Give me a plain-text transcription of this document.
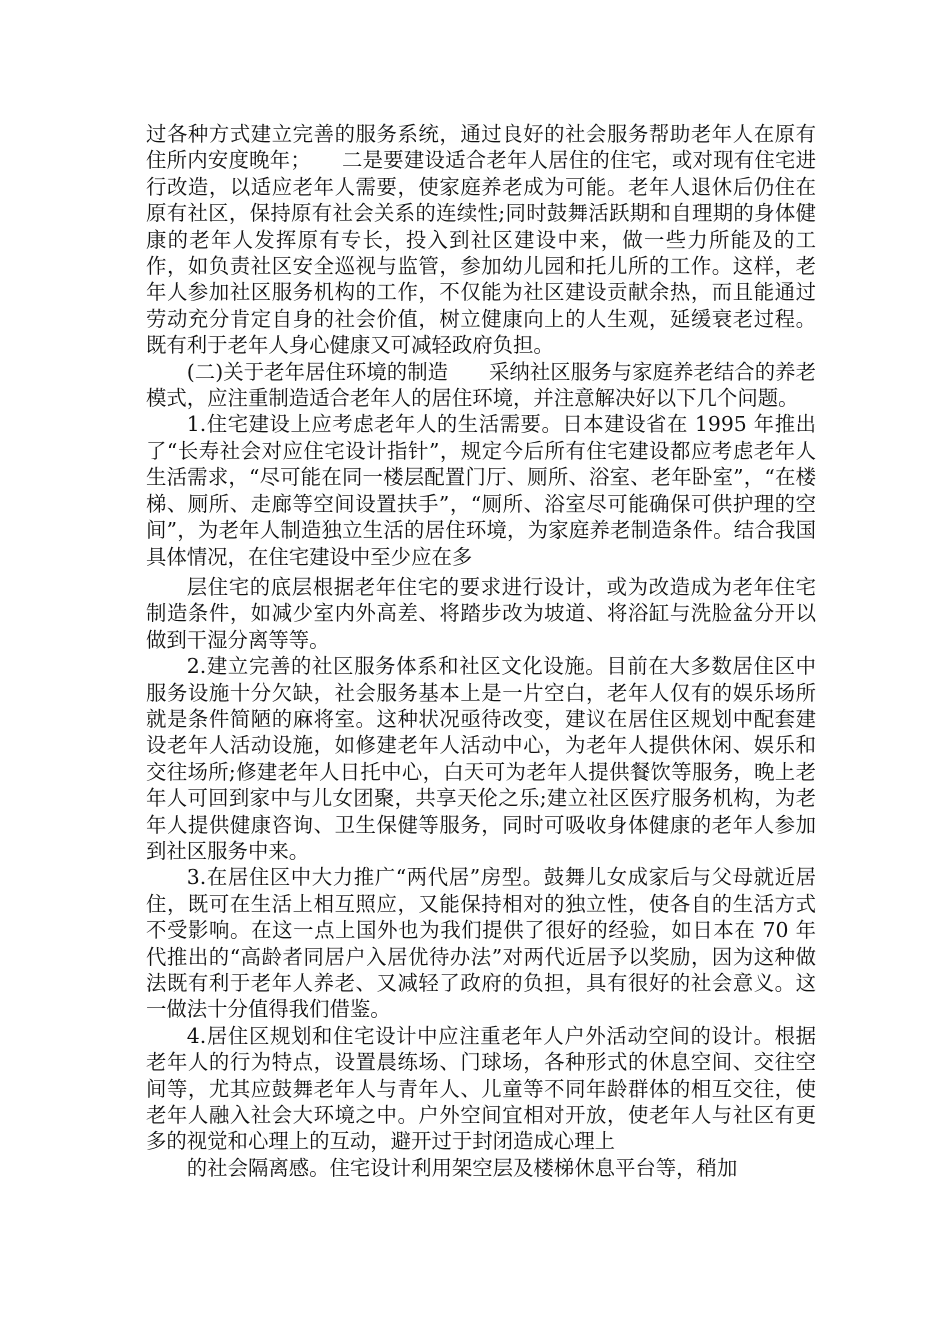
过各种方式建立完善的服务系统，通过良好的社会服务帮助老年人在原有住所内安度晚年；　　二是要建设适合老年人居住的住宅，或对现有住宅进行改造，以适应老年人需要，使家庭养老成为可能。老年人退休后仍住在原有社区，保持原有社会关系的连续性;同时鼓舞活跃期和自理期的身体健康的老年人发挥原有专长，投入到社区建设中来，做一些力所能及的工作，如负责社区安全巡视与监管，参加幼儿园和托儿所的工作。这样，老年人参加社区服务机构的工作，不仅能为社区建设贡献余热，而且能通过劳动充分肯定自身的社会价值，树立健康向上的人生观，延缓衰老过程。既有利于老年人身心健康又可减轻政府负担。

(二)关于老年居住环境的制造　　采纳社区服务与家庭养老结合的养老模式，应注重制造适合老年人的居住环境，并注意解决好以下几个问题。

1.住宅建设上应考虑老年人的生活需要。日本建设省在 1995 年推出了“长寿社会对应住宅设计指针”，规定今后所有住宅建设都应考虑老年人生活需求，“尽可能在同一楼层配置门厅、厕所、浴室、老年卧室”，“在楼梯、厕所、走廊等空间设置扶手”，“厕所、浴室尽可能确保可供护理的空间”，为老年人制造独立生活的居住环境，为家庭养老制造条件。结合我国具体情况，在住宅建设中至少应在多

层住宅的底层根据老年住宅的要求进行设计，或为改造成为老年住宅制造条件，如减少室内外高差、将踏步改为坡道、将浴缸与洗脸盆分开以做到干湿分离等等。

2.建立完善的社区服务体系和社区文化设施。目前在大多数居住区中服务设施十分欠缺，社会服务基本上是一片空白，老年人仅有的娱乐场所就是条件简陋的麻将室。这种状况亟待改变，建议在居住区规划中配套建设老年人活动设施，如修建老年人活动中心，为老年人提供休闲、娱乐和交往场所;修建老年人日托中心，白天可为老年人提供餐饮等服务，晚上老年人可回到家中与儿女团聚，共享天伦之乐;建立社区医疗服务机构，为老年人提供健康咨询、卫生保健等服务，同时可吸收身体健康的老年人参加到社区服务中来。

3.在居住区中大力推广“两代居”房型。鼓舞儿女成家后与父母就近居住，既可在生活上相互照应，又能保持相对的独立性，使各自的生活方式不受影响。在这一点上国外也为我们提供了很好的经验，如日本在 70 年代推出的“高龄者同居户入居优待办法”对两代近居予以奖励，因为这种做法既有利于老年人养老、又减轻了政府的负担，具有很好的社会意义。这一做法十分值得我们借鉴。

4.居住区规划和住宅设计中应注重老年人户外活动空间的设计。根据老年人的行为特点，设置晨练场、门球场，各种形式的休息空间、交往空间等，尤其应鼓舞老年人与青年人、儿童等不同年龄群体的相互交往，使老年人融入社会大环境之中。户外空间宜相对开放，使老年人与社区有更多的视觉和心理上的互动，避开过于封闭造成心理上

的社会隔离感。住宅设计利用架空层及楼梯休息平台等，稍加
